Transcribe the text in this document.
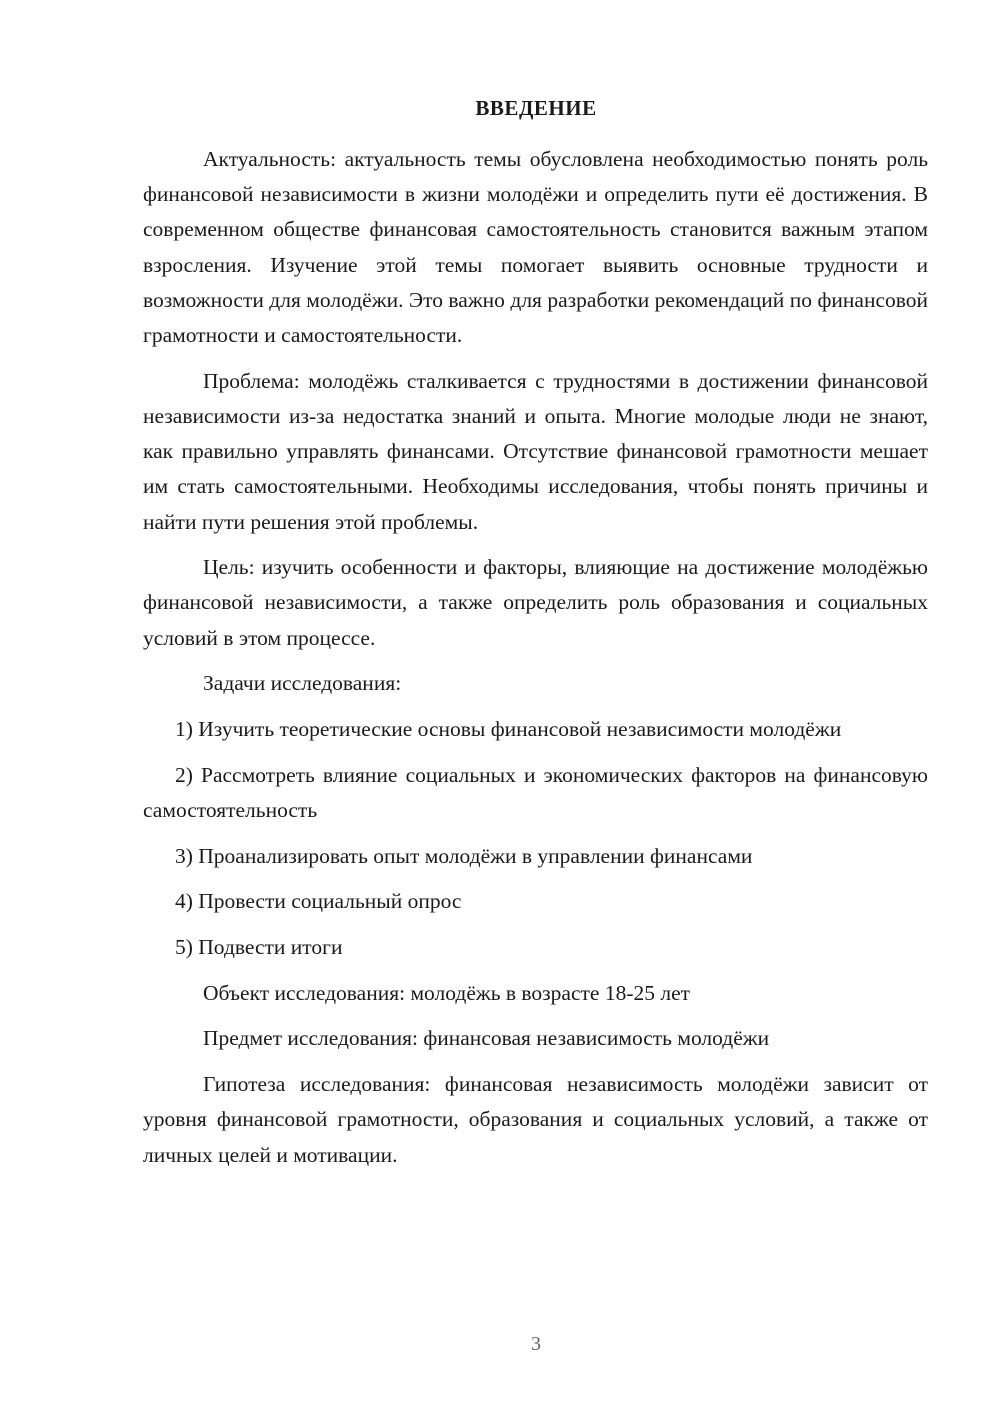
ВВЕДЕНИЕ

Актуальность: актуальность темы обусловлена необходимостью понять роль финансовой независимости в жизни молодёжи и определить пути её достижения. В современном обществе финансовая самостоятельность становится важным этапом взросления. Изучение этой темы помогает выявить основные трудности и возможности для молодёжи. Это важно для разработки рекомендаций по финансовой грамотности и самостоятельности.

Проблема: молодёжь сталкивается с трудностями в достижении финансовой независимости из-за недостатка знаний и опыта. Многие молодые люди не знают, как правильно управлять финансами. Отсутствие финансовой грамотности мешает им стать самостоятельными. Необходимы исследования, чтобы понять причины и найти пути решения этой проблемы.

Цель: изучить особенности и факторы, влияющие на достижение молодёжью финансовой независимости, а также определить роль образования и социальных условий в этом процессе.

Задачи исследования:

1) Изучить теоретические основы финансовой независимости молодёжи

2) Рассмотреть влияние социальных и экономических факторов на финансовую самостоятельность

3) Проанализировать опыт молодёжи в управлении финансами

4) Провести социальный опрос

5) Подвести итоги

Объект исследования: молодёжь в возрасте 18-25 лет

Предмет исследования: финансовая независимость молодёжи

Гипотеза исследования: финансовая независимость молодёжи зависит от уровня финансовой грамотности, образования и социальных условий, а также от личных целей и мотивации.

3
